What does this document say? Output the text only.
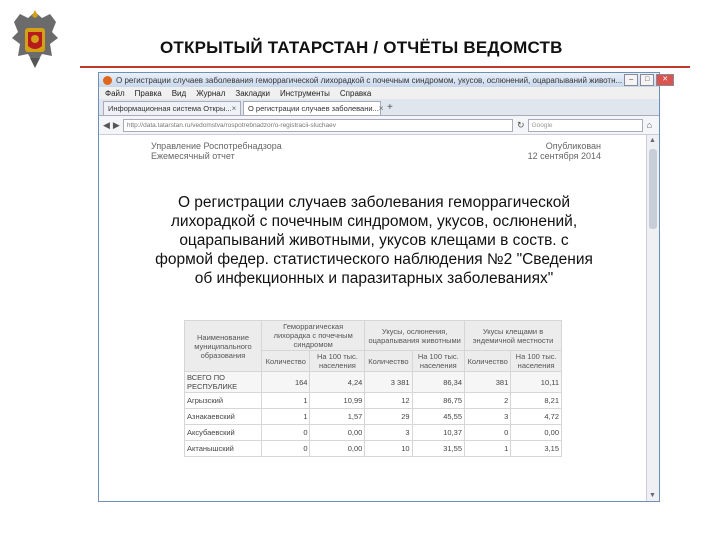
ОТКРЫТЫЙ ТАТАРСТАН / ОТЧЁТЫ ВЕДОМСТВ
О регистрации случаев заболевания геморрагической лихорадкой с почечным синдромом, укусов, ослюнений, оцарапываний животн...	–	□	✕
Файл Правка Вид Журнал Закладки Инструменты Справка
Информационная система Откры... × О регистрации случаев заболевани... × +
◀ ▶	http://data.tatarstan.ru/vedomstva/rospotrebnadzor/o-registracii-sluchaev	↻	Google	⌂
Управление Роспотребнадзора
Ежемесячный отчет
Опубликован
12 сентября 2014
О регистрации случаев заболевания геморрагической лихорадкой с почечным синдромом, укусов, ослюнений, оцарапываний животными, укусов клещами в соств. с формой федер. статистического наблюдения №2 "Сведения об инфекционных и паразитарных заболеваниях"
Наименование муниципального образования	Геморрагическая лихорадка с почечным синдромом		Укусы, ослюнения, оцарапывания животными		Укусы клещами в эндемичной местности	
	Количество	На 100 тыс. населения	Количество	На 100 тыс. населения	Количество	На 100 тыс. населения
ВСЕГО ПО РЕСПУБЛИКЕ	164	4,24	3 381	86,34	381	10,11
Агрызский	1	10,99	12	86,75	2	8,21
Азнакаевский	1	1,57	29	45,55	3	4,72
Аксубаевский	0	0,00	3	10,37	0	0,00
Актанышский	0	0,00	10	31,55	1	3,15
▲
▼
